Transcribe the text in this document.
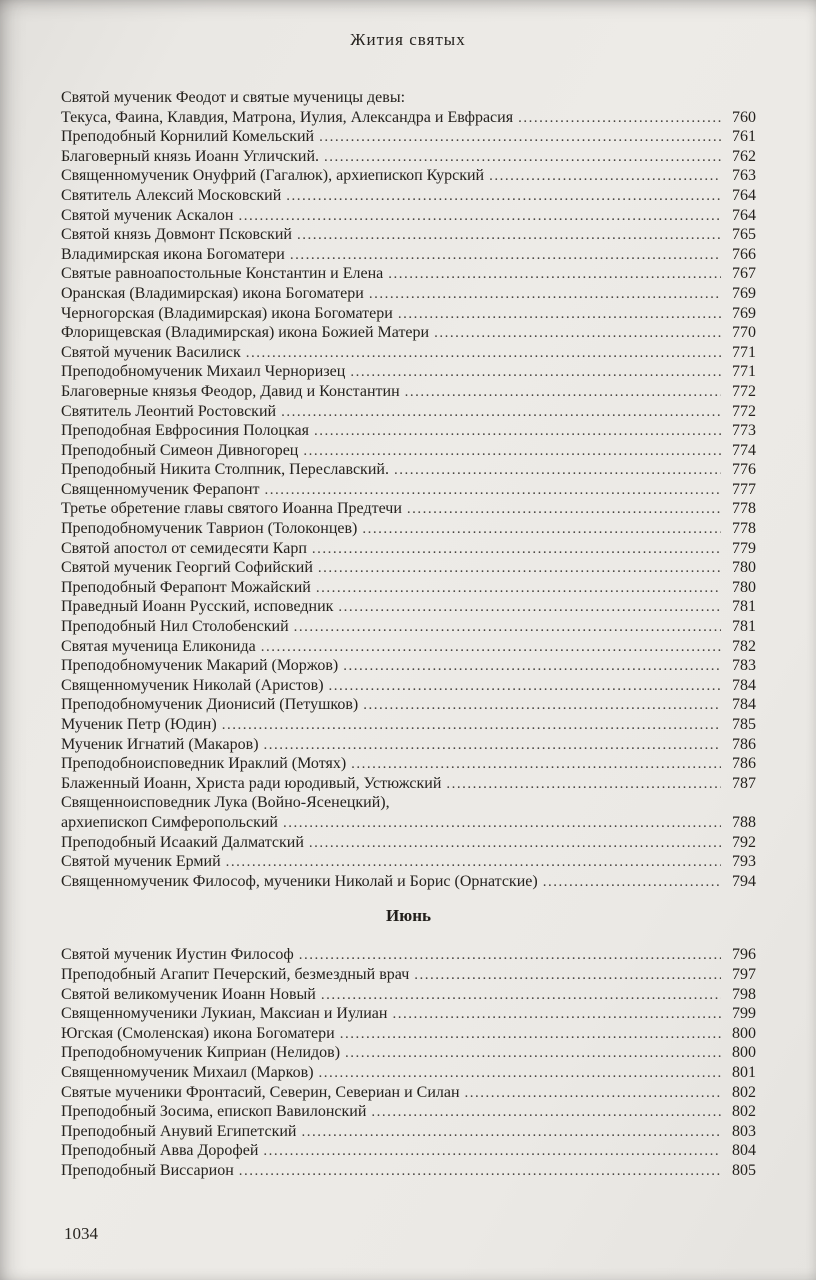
Жития святых
Святой мученик Феодот и святые мученицы девы:
Текуса, Фаина, Клавдия, Матрона, Иулия, Александра и Евфрасия .....	760
Преподобный Корнилий Комельский .....	761
Благоверный князь Иоанн Угличский. .....	762
Священномученик Онуфрий (Гагалюк), архиепископ Курский .....	763
Святитель Алексий Московский .....	764
Святой мученик Аскалон .....	764
Святой князь Довмонт Псковский .....	765
Владимирская икона Богоматери .....	766
Святые равноапостольные Константин и Елена .....	767
Оранская (Владимирская) икона Богоматери .....	769
Черногорская (Владимирская) икона Богоматери .....	769
Флорищевская (Владимирская) икона Божией Матери .....	770
Святой мученик Василиск .....	771
Преподобномученик Михаил Черноризец .....	771
Благоверные князья Феодор, Давид и Константин .....	772
Святитель Леонтий Ростовский .....	772
Преподобная Евфросиния Полоцкая .....	773
Преподобный Симеон Дивногорец .....	774
Преподобный Никита Столпник, Переславский. .....	776
Священномученик Ферапонт .....	777
Третье обретение главы святого Иоанна Предтечи .....	778
Преподобномученик Таврион (Толоконцев) .....	778
Святой апостол от семидесяти Карп .....	779
Святой мученик Георгий Софийский .....	780
Преподобный Ферапонт Можайский .....	780
Праведный Иоанн Русский, исповедник .....	781
Преподобный Нил Столобенский .....	781
Святая мученица Еликонида .....	782
Преподобномученик Макарий (Моржов) .....	783
Священномученик Николай (Аристов) .....	784
Преподобномученик Дионисий (Петушков) .....	784
Мученик Петр (Юдин) .....	785
Мученик Игнатий (Макаров) .....	786
Преподобноисповедник Ираклий (Мотях) .....	786
Блаженный Иоанн, Христа ради юродивый, Устюжский .....	787
Священноисповедник Лука (Войно-Ясенецкий),
архиепископ Симферопольский .....	788
Преподобный Исаакий Далматский .....	792
Святой мученик Ермий .....	793
Священномученик Философ, мученики Николай и Борис (Орнатские) .....	794
Июнь
Святой мученик Иустин Философ .....	796
Преподобный Агапит Печерский, безмездный врач .....	797
Святой великомученик Иоанн Новый .....	798
Священномученики Лукиан, Максиан и Иулиан .....	799
Югская (Смоленская) икона Богоматери .....	800
Преподобномученик Киприан (Нелидов) .....	800
Священномученик Михаил (Марков) .....	801
Святые мученики Фронтасий, Северин, Севериан и Силан .....	802
Преподобный Зосима, епископ Вавилонский .....	802
Преподобный Анувий Египетский .....	803
Преподобный Авва Дорофей .....	804
Преподобный Виссарион .....	805
1034
